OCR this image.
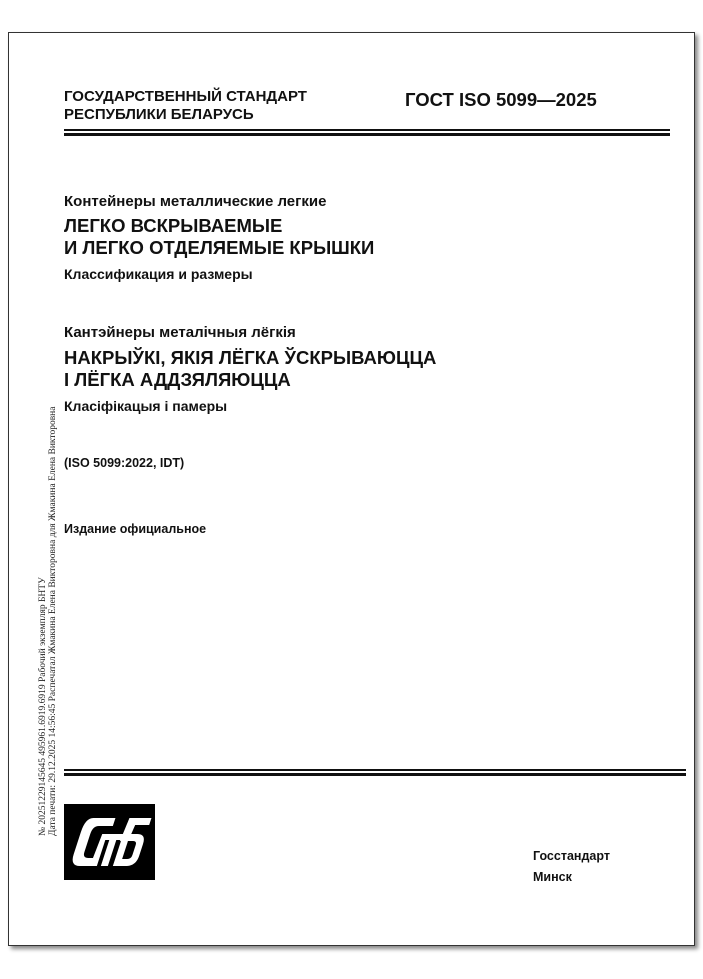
ГОСУДАРСТВЕННЫЙ СТАНДАРТ
РЕСПУБЛИКИ БЕЛАРУСЬ
ГОСТ ISO 5099—2025
Контейнеры металлические легкие
ЛЕГКО ВСКРЫВАЕМЫЕ
И ЛЕГКО ОТДЕЛЯЕМЫЕ КРЫШКИ
Классификация и размеры
Кантэйнеры металічныя лёгкія
НАКРЫЎКІ, ЯКІЯ ЛЁГКА ЎСКРЫВАЮЦЦА
І ЛЁГКА АДДЗЯЛЯЮЦЦА
Класіфікацыя і памеры
(ISO 5099:2022, IDT)
Издание официальное
Госстандарт
Минск
№ 20251229145645 495961.6919.6919 Рабочий экземпляр БНТУ Дата печати: 29.12.2025 14:56:45 Распечатал Жмакина Елена Викторовна для Жмакина Елена Викторовна
